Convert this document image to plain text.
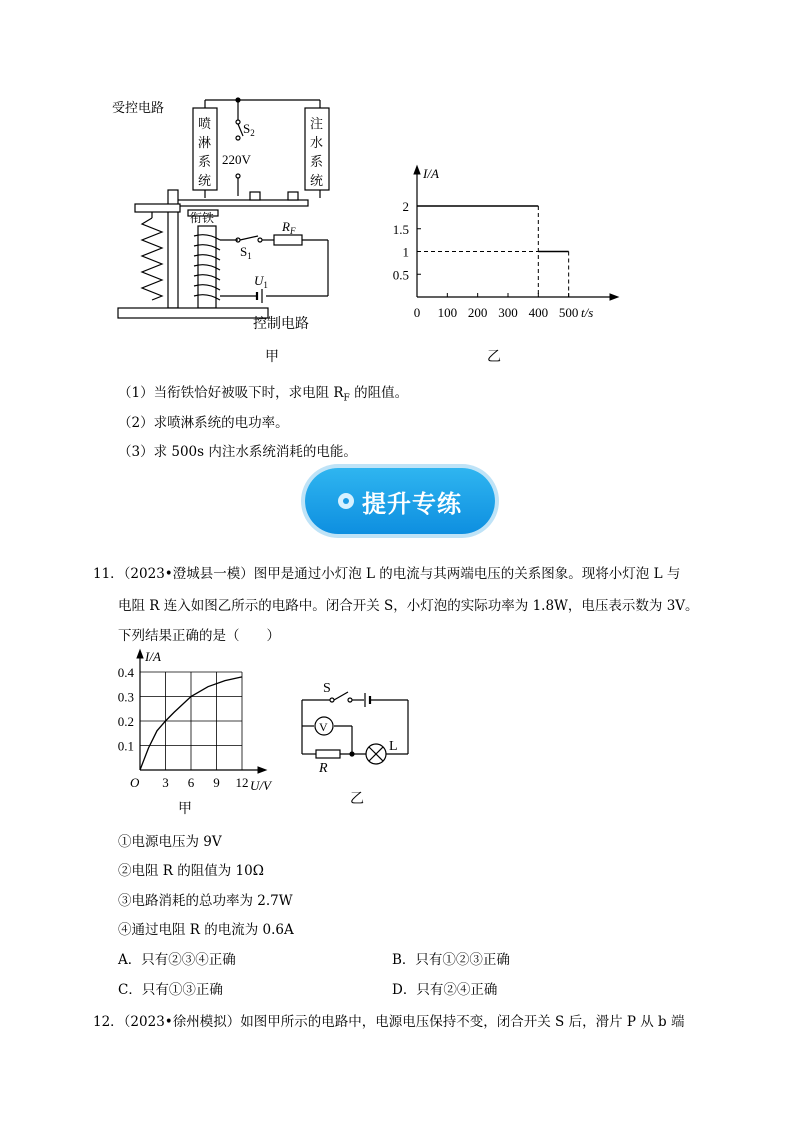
受控电路
喷
淋
系
统
注
水
系
统
$S_2$
220V
衔铁
$R_F$
$S_1$
$U_1$
控制电路
甲
0.5
1
1.5
2
0 100 200 300 400 500 t/s
I/A
乙
（1）当衔铁恰好被吸下时，求电阻 $R_F$ 的阻值。
（2）求喷淋系统的电功率。
（3）求 500s 内注水系统消耗的电能。
提升专练
11．（2023•澄城县一模）图甲是通过小灯泡 L 的电流与其两端电压的关系图象。现将小灯泡 L 与
电阻 R 连入如图乙所示的电路中。闭合开关 S，小灯泡的实际功率为 1.8W，电压表示数为 3V。
下列结果正确的是（　　）
0.1
0.2
0.3
0.4
3 6 9 12
O	U/V
I/A
甲
S
V
L
R
乙
①电源电压为 9V
②电阻 R 的阻值为 10Ω
③电路消耗的总功率为 2.7W
④通过电阻 R 的电流为 0.6A
A．只有②③④正确	B．只有①②③正确
C．只有①③正确	D．只有②④正确
12．（2023•徐州模拟）如图甲所示的电路中，电源电压保持不变，闭合开关 S 后，滑片 P 从 b 端
